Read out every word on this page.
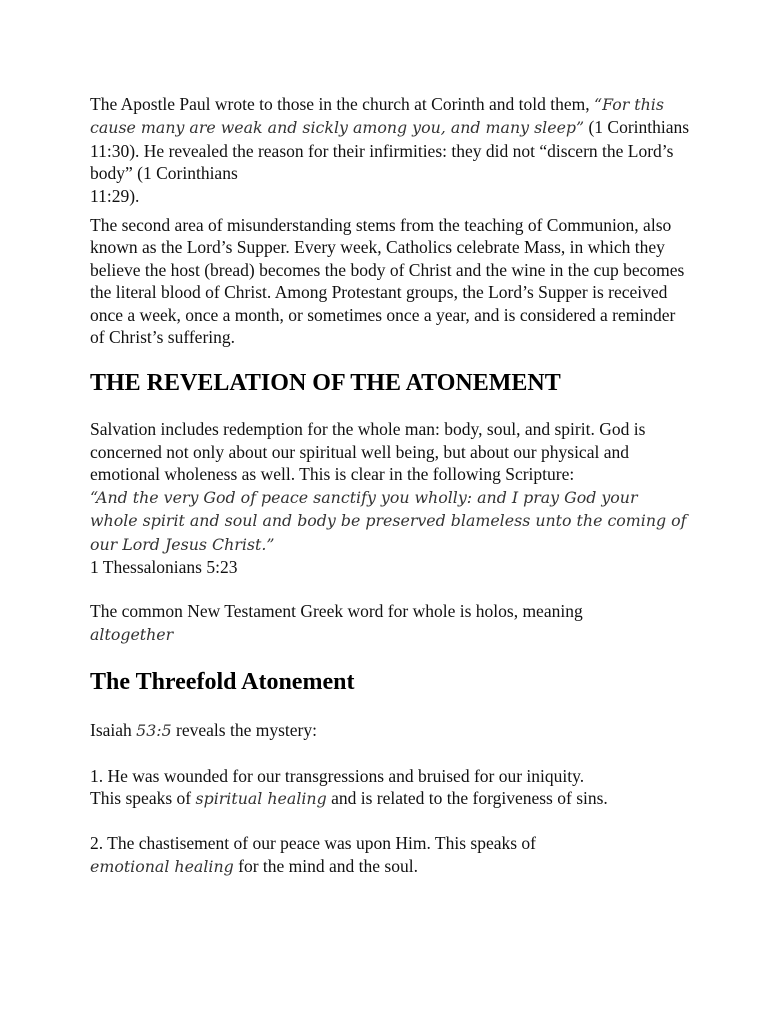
The Apostle Paul wrote to those in the church at Corinth and told them, “For this cause many are weak and sickly among you, and many sleep” (1 Corinthians 11:30). He revealed the reason for their infirmities: they did not “discern the Lord’s body” (1 Corinthians
11:29).

The second area of misunderstanding stems from the teaching of Communion, also known as the Lord’s Supper. Every week, Catholics celebrate Mass, in which they believe the host (bread) becomes the body of Christ and the wine in the cup becomes the literal blood of Christ. Among Protestant groups, the Lord’s Supper is received once a week, once a month, or sometimes once a year, and is considered a reminder of Christ’s suffering.

THE REVELATION OF THE ATONEMENT

Salvation includes redemption for the whole man: body, soul, and spirit. God is concerned not only about our spiritual well being, but about our physical and emotional wholeness as well. This is clear in the following Scripture:
“And the very God of peace sanctify you wholly: and I pray God your whole spirit and soul and body be preserved blameless unto the coming of our Lord Jesus Christ.”

1 Thessalonians 5:23

The common New Testament Greek word for whole is holos, meaning
altogether

The Threefold Atonement

Isaiah 53:5 reveals the mystery:

1. He was wounded for our transgressions and bruised for our iniquity.
This speaks of spiritual healing and is related to the forgiveness of sins.

2. The chastisement of our peace was upon Him. This speaks of
emotional healing for the mind and the soul.
